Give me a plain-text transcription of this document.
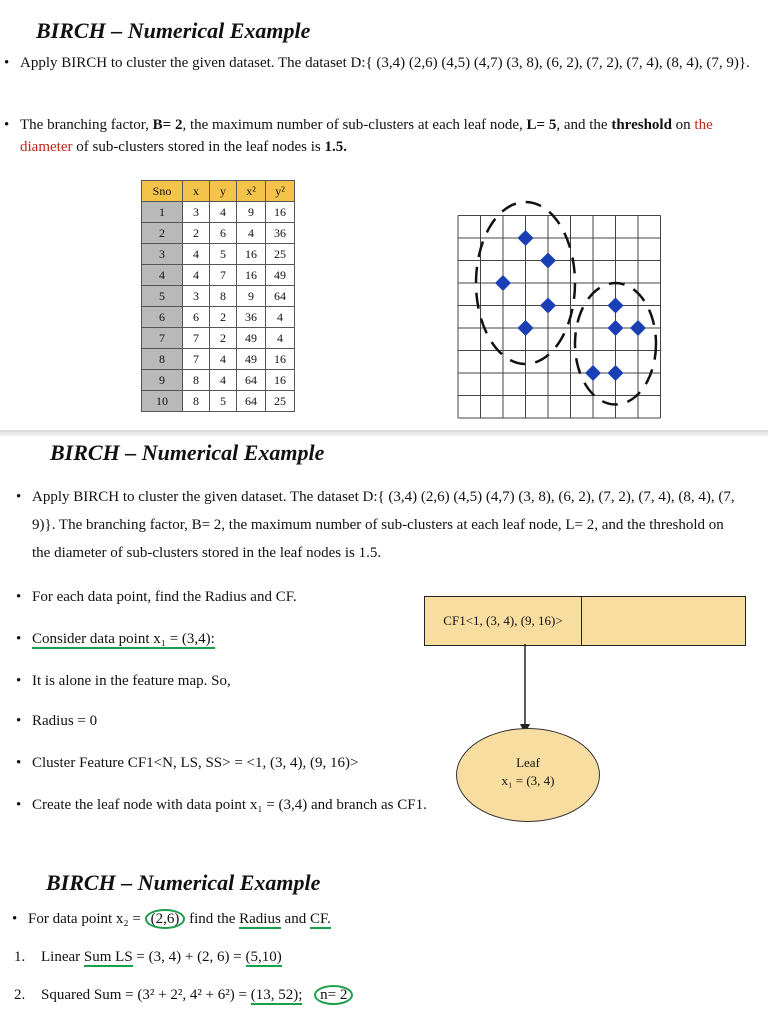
BIRCH – Numerical Example
• Apply BIRCH to cluster the given dataset. The dataset D:{ (3,4) (2,6) (4,5) (4,7) (3, 8), (6, 2), (7, 2), (7, 4), (8, 4), (7, 9)}.
• The branching factor, B= 2, the maximum number of sub-clusters at each leaf node, L= 5, and the threshold on the diameter of sub-clusters stored in the leaf nodes is 1.5.
Sno	x	y	x²	y²
1	3	4	9	16
2	2	6	4	36
3	4	5	16	25
4	4	7	16	49
5	3	8	9	64
6	6	2	36	4
7	7	2	49	4
8	7	4	49	16
9	8	4	64	16
10	8	5	64	25
BIRCH – Numerical Example
• Apply BIRCH to cluster the given dataset. The dataset D:{ (3,4) (2,6) (4,5) (4,7) (3, 8), (6, 2), (7, 2), (7, 4), (8, 4), (7, 9)}. The branching factor, B= 2, the maximum number of sub-clusters at each leaf node, L= 2, and the threshold on the diameter of sub-clusters stored in the leaf nodes is 1.5.
• For each data point, find the Radius and CF.
• Consider data point x₁ = (3,4):
• It is alone in the feature map. So,
• Radius = 0
• Cluster Feature CF1<N, LS, SS> = <1, (3, 4), (9, 16)>
• Create the leaf node with data point x₁ = (3,4) and branch as CF1.
CF1<1, (3, 4), (9, 16)>
Leaf
x₁ = (3, 4)
BIRCH – Numerical Example
• For data point x₂ = (2,6) find the Radius and CF.
1. Linear Sum LS = (3, 4) + (2, 6) = (5,10)
2. Squared Sum = (3² + 2², 4² + 6²) = (13, 52); n= 2
